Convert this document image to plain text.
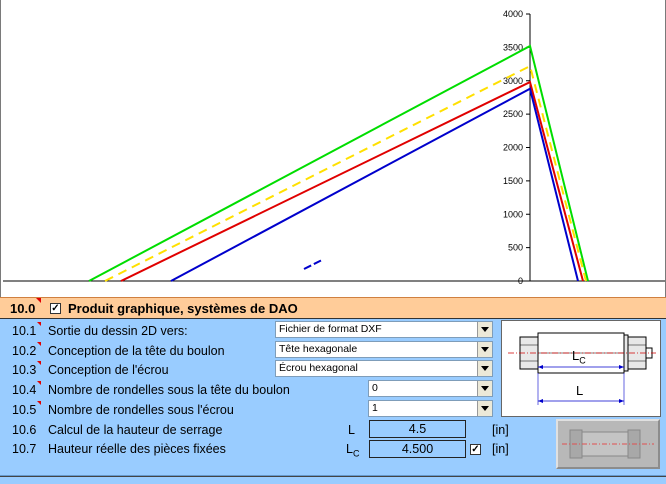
4000
3500
3000
2500
2000
1500
1000
500
0
10.0 ✓ Produit graphique, systèmes de DAO
10.1 Sortie du dessin 2D vers:	Fichier de format DXF
10.2 Conception de la tête du boulon	Tête hexagonale
10.3 Conception de l'écrou	Écrou hexagonal
10.4 Nombre de rondelles sous la tête du boulon	0
10.5 Nombre de rondelles sous l'écrou	1
10.6 Calcul de la hauteur de serrage	L	4.5	[in]
10.7 Hauteur réelle des pièces fixées	$L_C$	4.500	✓ [in]
$L_C$
L
